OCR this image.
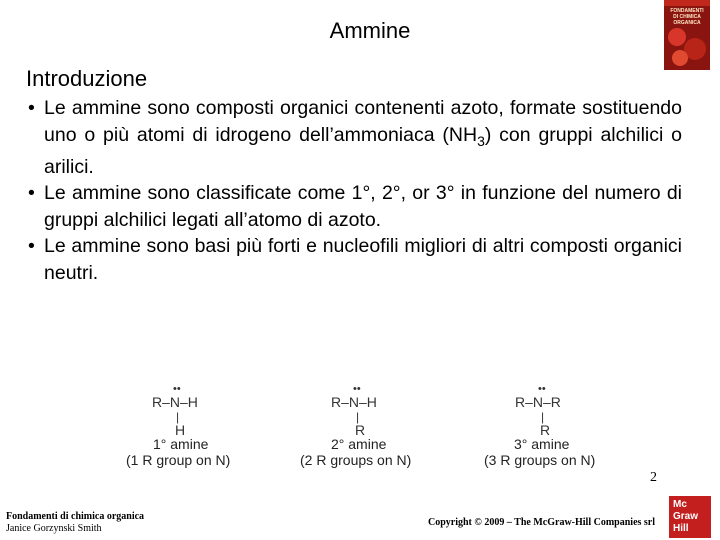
Ammine
FONDAMENTI
DI CHIMICA
ORGANICA
Introduzione
• Le ammine sono composti organici contenenti azoto, formate sostituendo uno o più atomi di idrogeno dell’ammoniaca $(NH_3)$ con gruppi alchilici o arilici.
• Le ammine sono classificate come 1°, 2°, or 3° in funzione del numero di gruppi alchilici legati all’atomo di azoto.
• Le ammine sono basi più forti e nucleofili migliori di altri composti organici neutri.
••
R–N–H
|
H
1° amine
(1 R group on N)
••
R–N–H
|
R
2° amine
(2 R groups on N)
••
R–N–R
|
R
3° amine
(3 R groups on N)
Fondamenti di chimica organica
Janice Gorzynski Smith
2
Copyright © 2009 – The McGraw-Hill Companies srl
Mc
Graw
Hill
